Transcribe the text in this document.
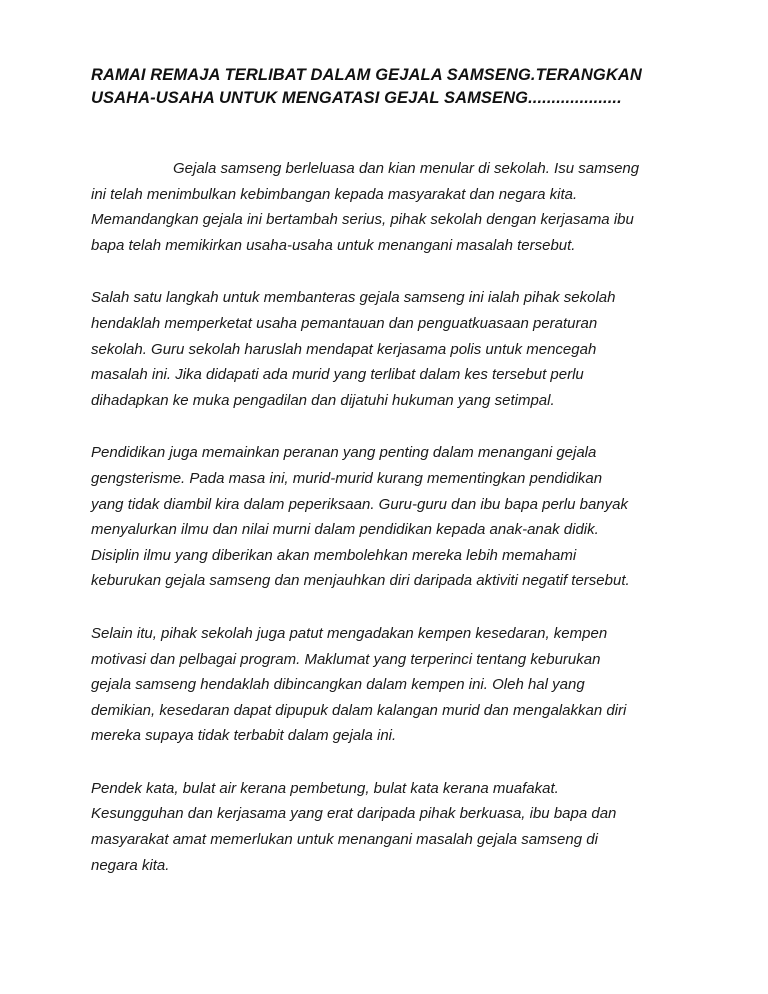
RAMAI REMAJA TERLIBAT DALAM GEJALA SAMSENG.TERANGKAN
USAHA-USAHA UNTUK MENGATASI GEJAL SAMSENG....................

Gejala samseng berleluasa dan kian menular di sekolah. Isu samseng
ini telah menimbulkan kebimbangan kepada masyarakat dan negara kita.
Memandangkan gejala ini bertambah serius, pihak sekolah dengan kerjasama ibu
bapa telah memikirkan usaha-usaha untuk menangani masalah tersebut.

Salah satu langkah untuk membanteras gejala samseng ini ialah pihak sekolah
hendaklah memperketat usaha pemantauan dan penguatkuasaan peraturan
sekolah. Guru sekolah haruslah mendapat kerjasama polis untuk mencegah
masalah ini. Jika didapati ada murid yang terlibat dalam kes tersebut perlu
dihadapkan ke muka pengadilan dan dijatuhi hukuman yang setimpal.

Pendidikan juga memainkan peranan yang penting dalam menangani gejala
gengsterisme. Pada masa ini, murid-murid kurang mementingkan pendidikan
yang tidak diambil kira dalam peperiksaan. Guru-guru dan ibu bapa perlu banyak
menyalurkan ilmu dan nilai murni dalam pendidikan kepada anak-anak didik.
Disiplin ilmu yang diberikan akan membolehkan mereka lebih memahami
keburukan gejala samseng dan menjauhkan diri daripada aktiviti negatif tersebut.

Selain itu, pihak sekolah juga patut mengadakan kempen kesedaran, kempen
motivasi dan pelbagai program. Maklumat yang terperinci tentang keburukan
gejala samseng hendaklah dibincangkan dalam kempen ini. Oleh hal yang
demikian, kesedaran dapat dipupuk dalam kalangan murid dan mengalakkan diri
mereka supaya tidak terbabit dalam gejala ini.

Pendek kata, bulat air kerana pembetung, bulat kata kerana muafakat.
Kesungguhan dan kerjasama yang erat daripada pihak berkuasa, ibu bapa dan
masyarakat amat memerlukan untuk menangani masalah gejala samseng di
negara kita.
